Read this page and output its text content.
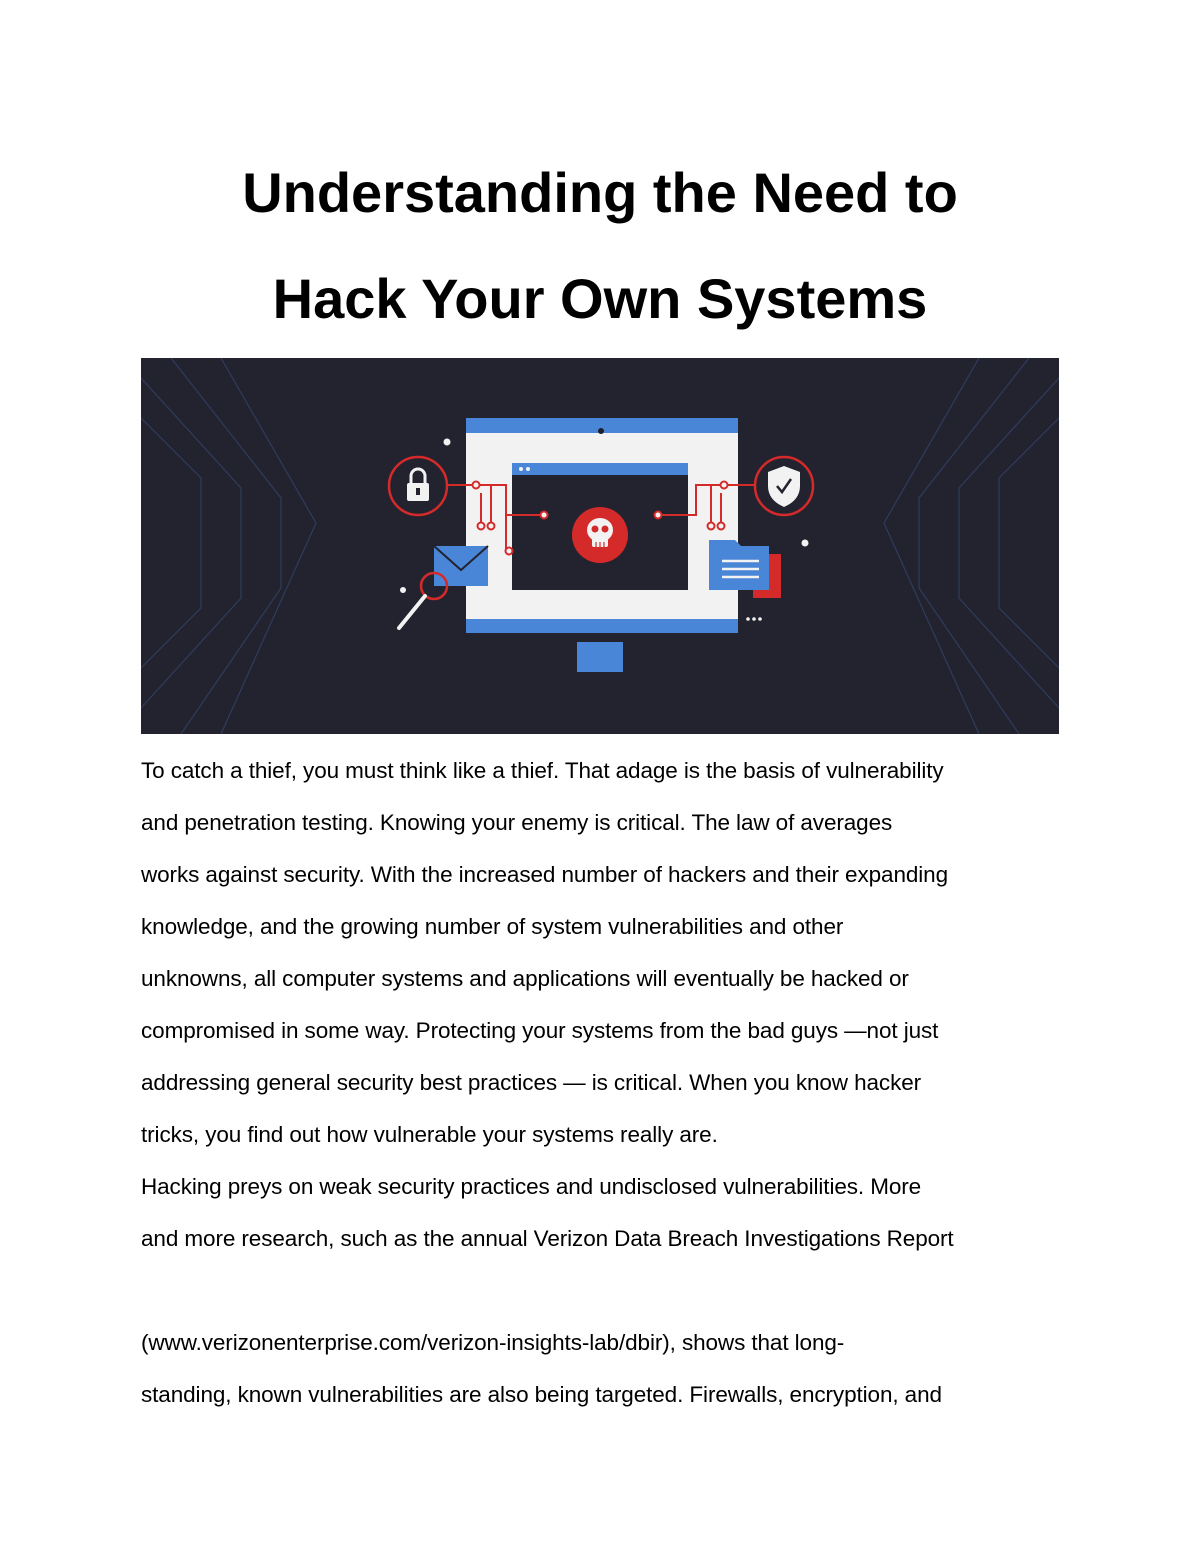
Understanding the Need to
Hack Your Own Systems

To catch a thief, you must think like a thief. That adage is the basis of vulnerability
and penetration testing. Knowing your enemy is critical. The law of averages
works against security. With the increased number of hackers and their expanding
knowledge, and the growing number of system vulnerabilities and other
unknowns, all computer systems and applications will eventually be hacked or
compromised in some way. Protecting your systems from the bad guys —not just
addressing general security best practices — is critical. When you know hacker
tricks, you find out how vulnerable your systems really are.

Hacking preys on weak security practices and undisclosed vulnerabilities. More
and more research, such as the annual Verizon Data Breach Investigations Report

(www.verizonenterprise.com/verizon-insights-lab/dbir), shows that long-
standing, known vulnerabilities are also being targeted. Firewalls, encryption, and
